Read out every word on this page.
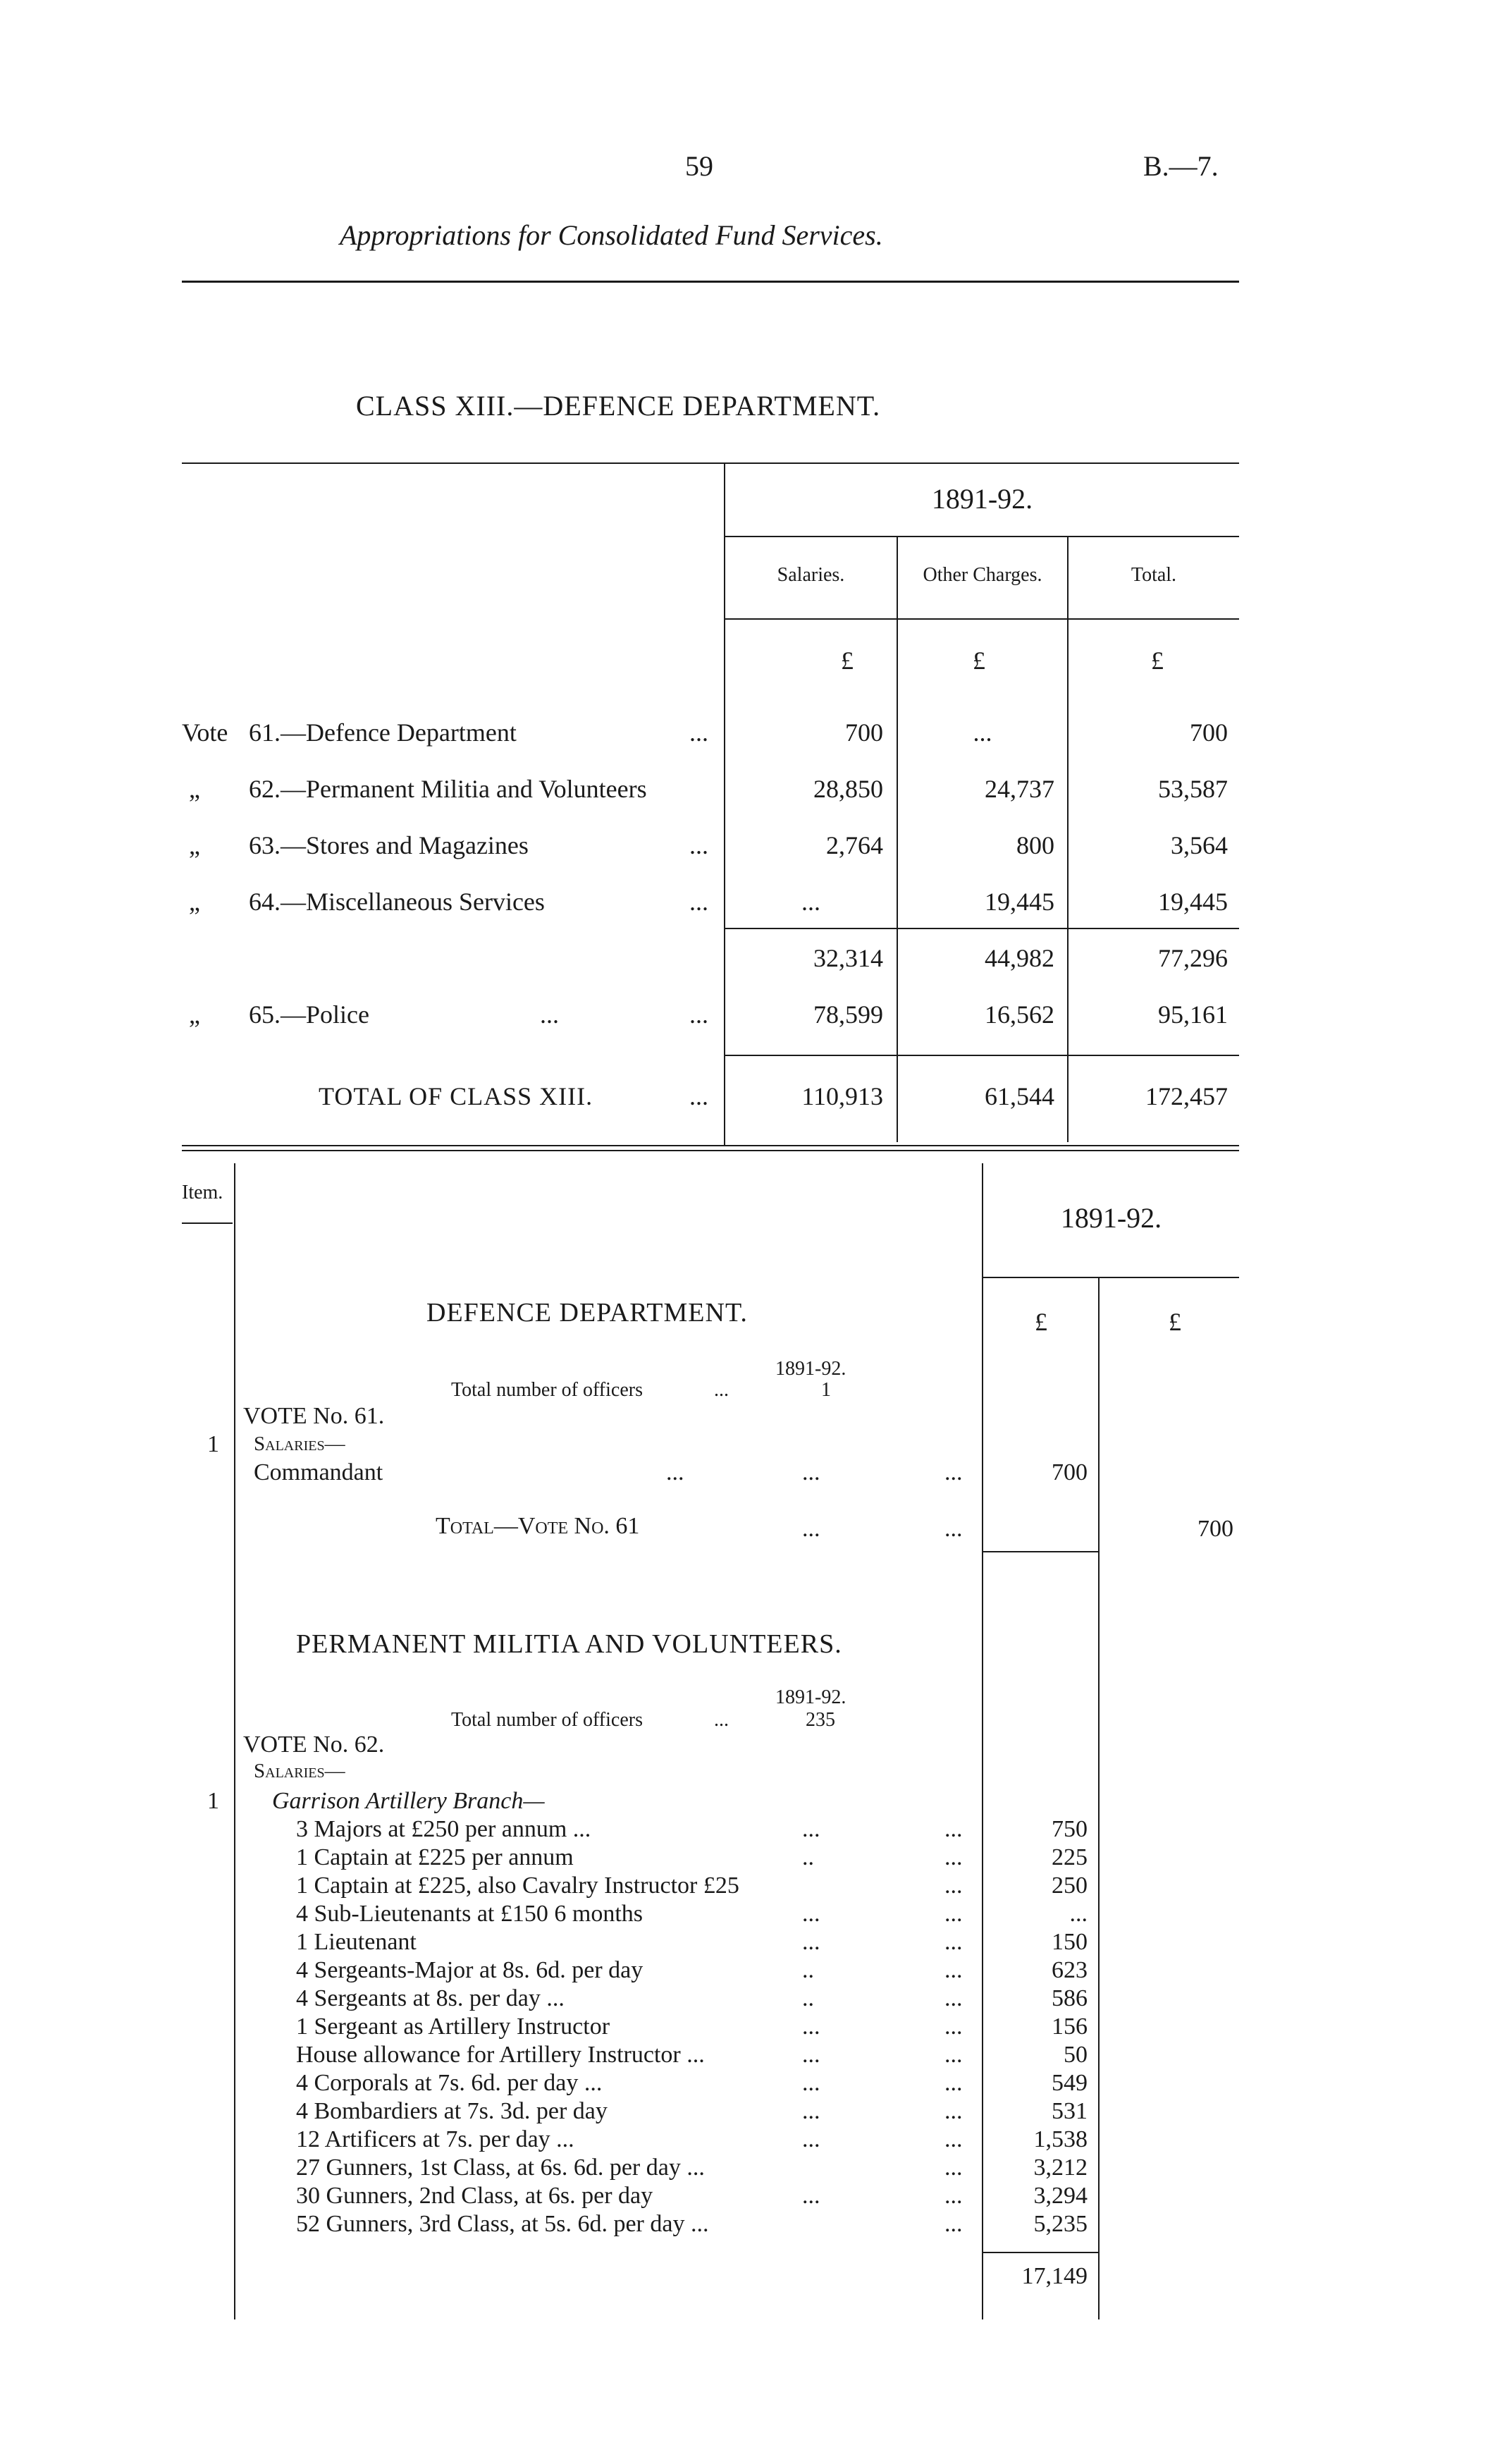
59	B.—7.
Appropriations for Consolidated Fund Services.
CLASS XIII.—DEFENCE DEPARTMENT.
1891-92.
Salaries.	Other Charges.	Total.
£	£	£
Vote 61.—Defence Department	...	700	...	700
„ 62.—Permanent Militia and Volunteers	28,850	24,737	53,587
„ 63.—Stores and Magazines	...	2,764	800	3,564
„ 64.—Miscellaneous Services	...	...	19,445	19,445
32,314	44,982	77,296
„ 65.—Police	...	...	78,599	16,562	95,161
TOTAL OF CLASS XIII.	...	110,913	61,544	172,457
Item.
1891-92.
£	£
DEFENCE DEPARTMENT.
1891-92.
Total number of officers	...	1
VOTE No. 61.
1 Salaries—
Commandant	...	...	...	700
Total—Vote No. 61	...	...	700
PERMANENT MILITIA AND VOLUNTEERS.
1891-92.
Total number of officers	...	235
VOTE No. 62.
Salaries—
1 Garrison Artillery Branch—
3 Majors at £250 per annum ...	...	...	750
1 Captain at £225 per annum	..	...	225
1 Captain at £225, also Cavalry Instructor £25	...	250
4 Sub-Lieutenants at £150 6 months	...	...	...
1 Lieutenant	...	...	150
4 Sergeants-Major at 8s. 6d. per day	..	...	623
4 Sergeants at 8s. per day ...	..	...	586
1 Sergeant as Artillery Instructor	...	...	156
House allowance for Artillery Instructor ...	...	...	50
4 Corporals at 7s. 6d. per day ...	...	...	549
4 Bombardiers at 7s. 3d. per day	...	...	531
12 Artificers at 7s. per day ...	...	...	1,538
27 Gunners, 1st Class, at 6s. 6d. per day ...	...	3,212
30 Gunners, 2nd Class, at 6s. per day	...	...	3,294
52 Gunners, 3rd Class, at 5s. 6d. per day ...	...	5,235
17,149
